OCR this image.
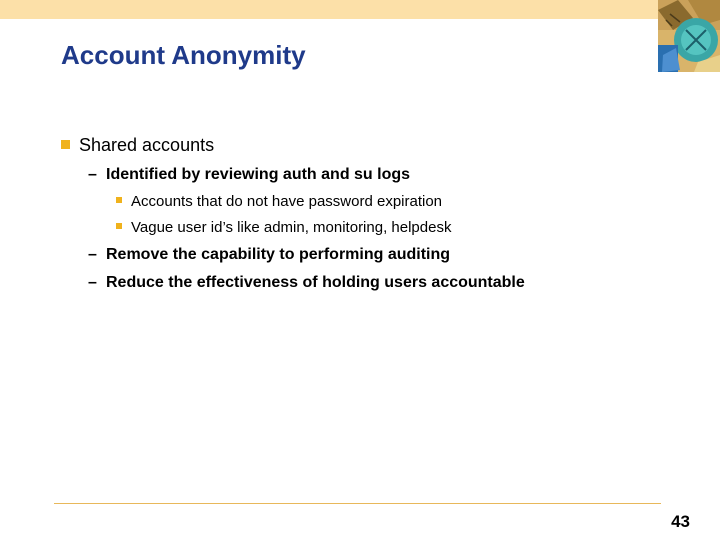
Account Anonymity
Shared accounts
– Identified by reviewing auth and su logs
Accounts that do not have password expiration
Vague user id’s like admin, monitoring, helpdesk
– Remove the capability to performing auditing
– Reduce the effectiveness of holding users accountable
43
